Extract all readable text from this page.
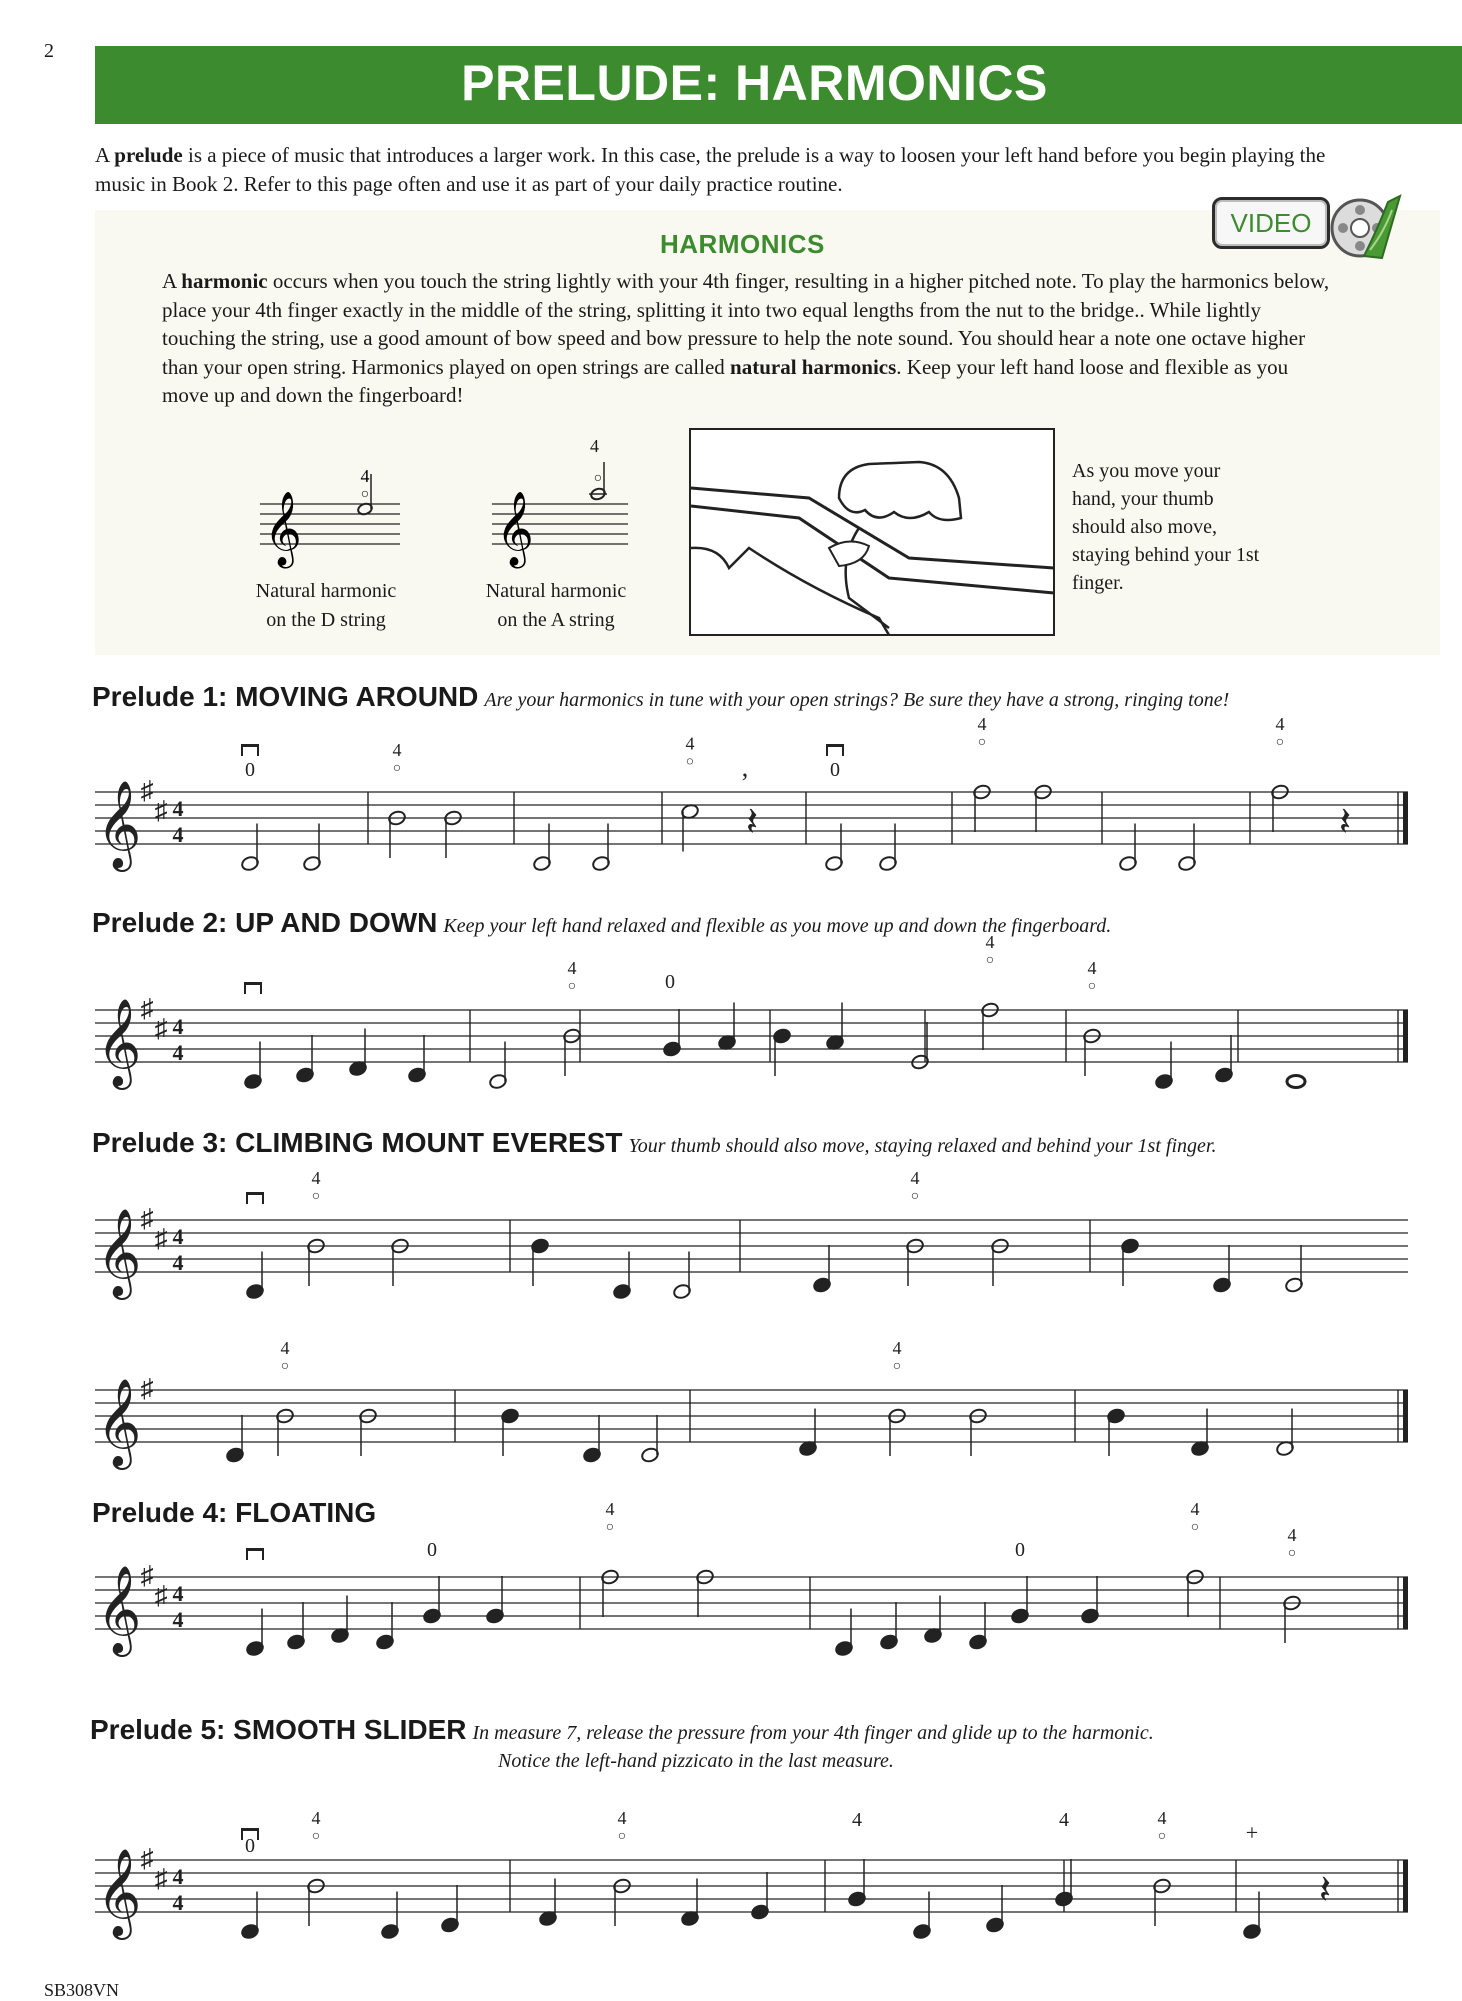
2
PRELUDE: HARMONICS
A prelude is a piece of music that introduces a larger work. In this case, the prelude is a way to loosen your left hand before you begin playing the music in Book 2. Refer to this page often and use it as part of your daily practice routine.
VIDEO
HARMONICS
A harmonic occurs when you touch the string lightly with your 4th finger, resulting in a higher pitched note. To play the harmonics below, place your 4th finger exactly in the middle of the string, splitting it into two equal lengths from the nut to the bridge.. While lightly touching the string, use a good amount of bow speed and bow pressure to help the note sound. You should hear a note one octave higher than your open string. Harmonics played on open strings are called natural harmonics. Keep your left hand loose and flexible as you move up and down the fingerboard!
𝄞	𝄞
○
4	○
4
Natural harmonic
on the D string
Natural harmonic
on the A string
As you move your hand, your thumb should also move, staying behind your 1st finger.
Prelude 1: MOVING AROUND Are your harmonics in tune with your open strings? Be sure they have a strong, ringing tone!
Prelude 2: UP AND DOWN Keep your left hand relaxed and flexible as you move up and down the fingerboard.
Prelude 3: CLIMBING MOUNT EVEREST Your thumb should also move, staying relaxed and behind your 1st finger.
Prelude 4: FLOATING
Prelude 5: SMOOTH SLIDER In measure 7, release the pressure from your 4th finger and glide up to the harmonic.
Notice the left-hand pizzicato in the last measure.
𝄞 ♯
♯ 4
4
○
4
○
4	○
4
○
4
0	0
,
𝄽	𝄽
𝄞 ♯
♯ 4
4
○
4	○
4
○
4
0
𝄞 ♯
♯ 4
4
○
4
○
4
𝄞 ♯
○
4
○
4
𝄞 ♯
♯ 4
4
○
4
○
4
○
4
0	0
𝄞 ♯
♯ 4
4
○
4
○
4
○
4
0
4	4	+
𝄽
SB308VN
